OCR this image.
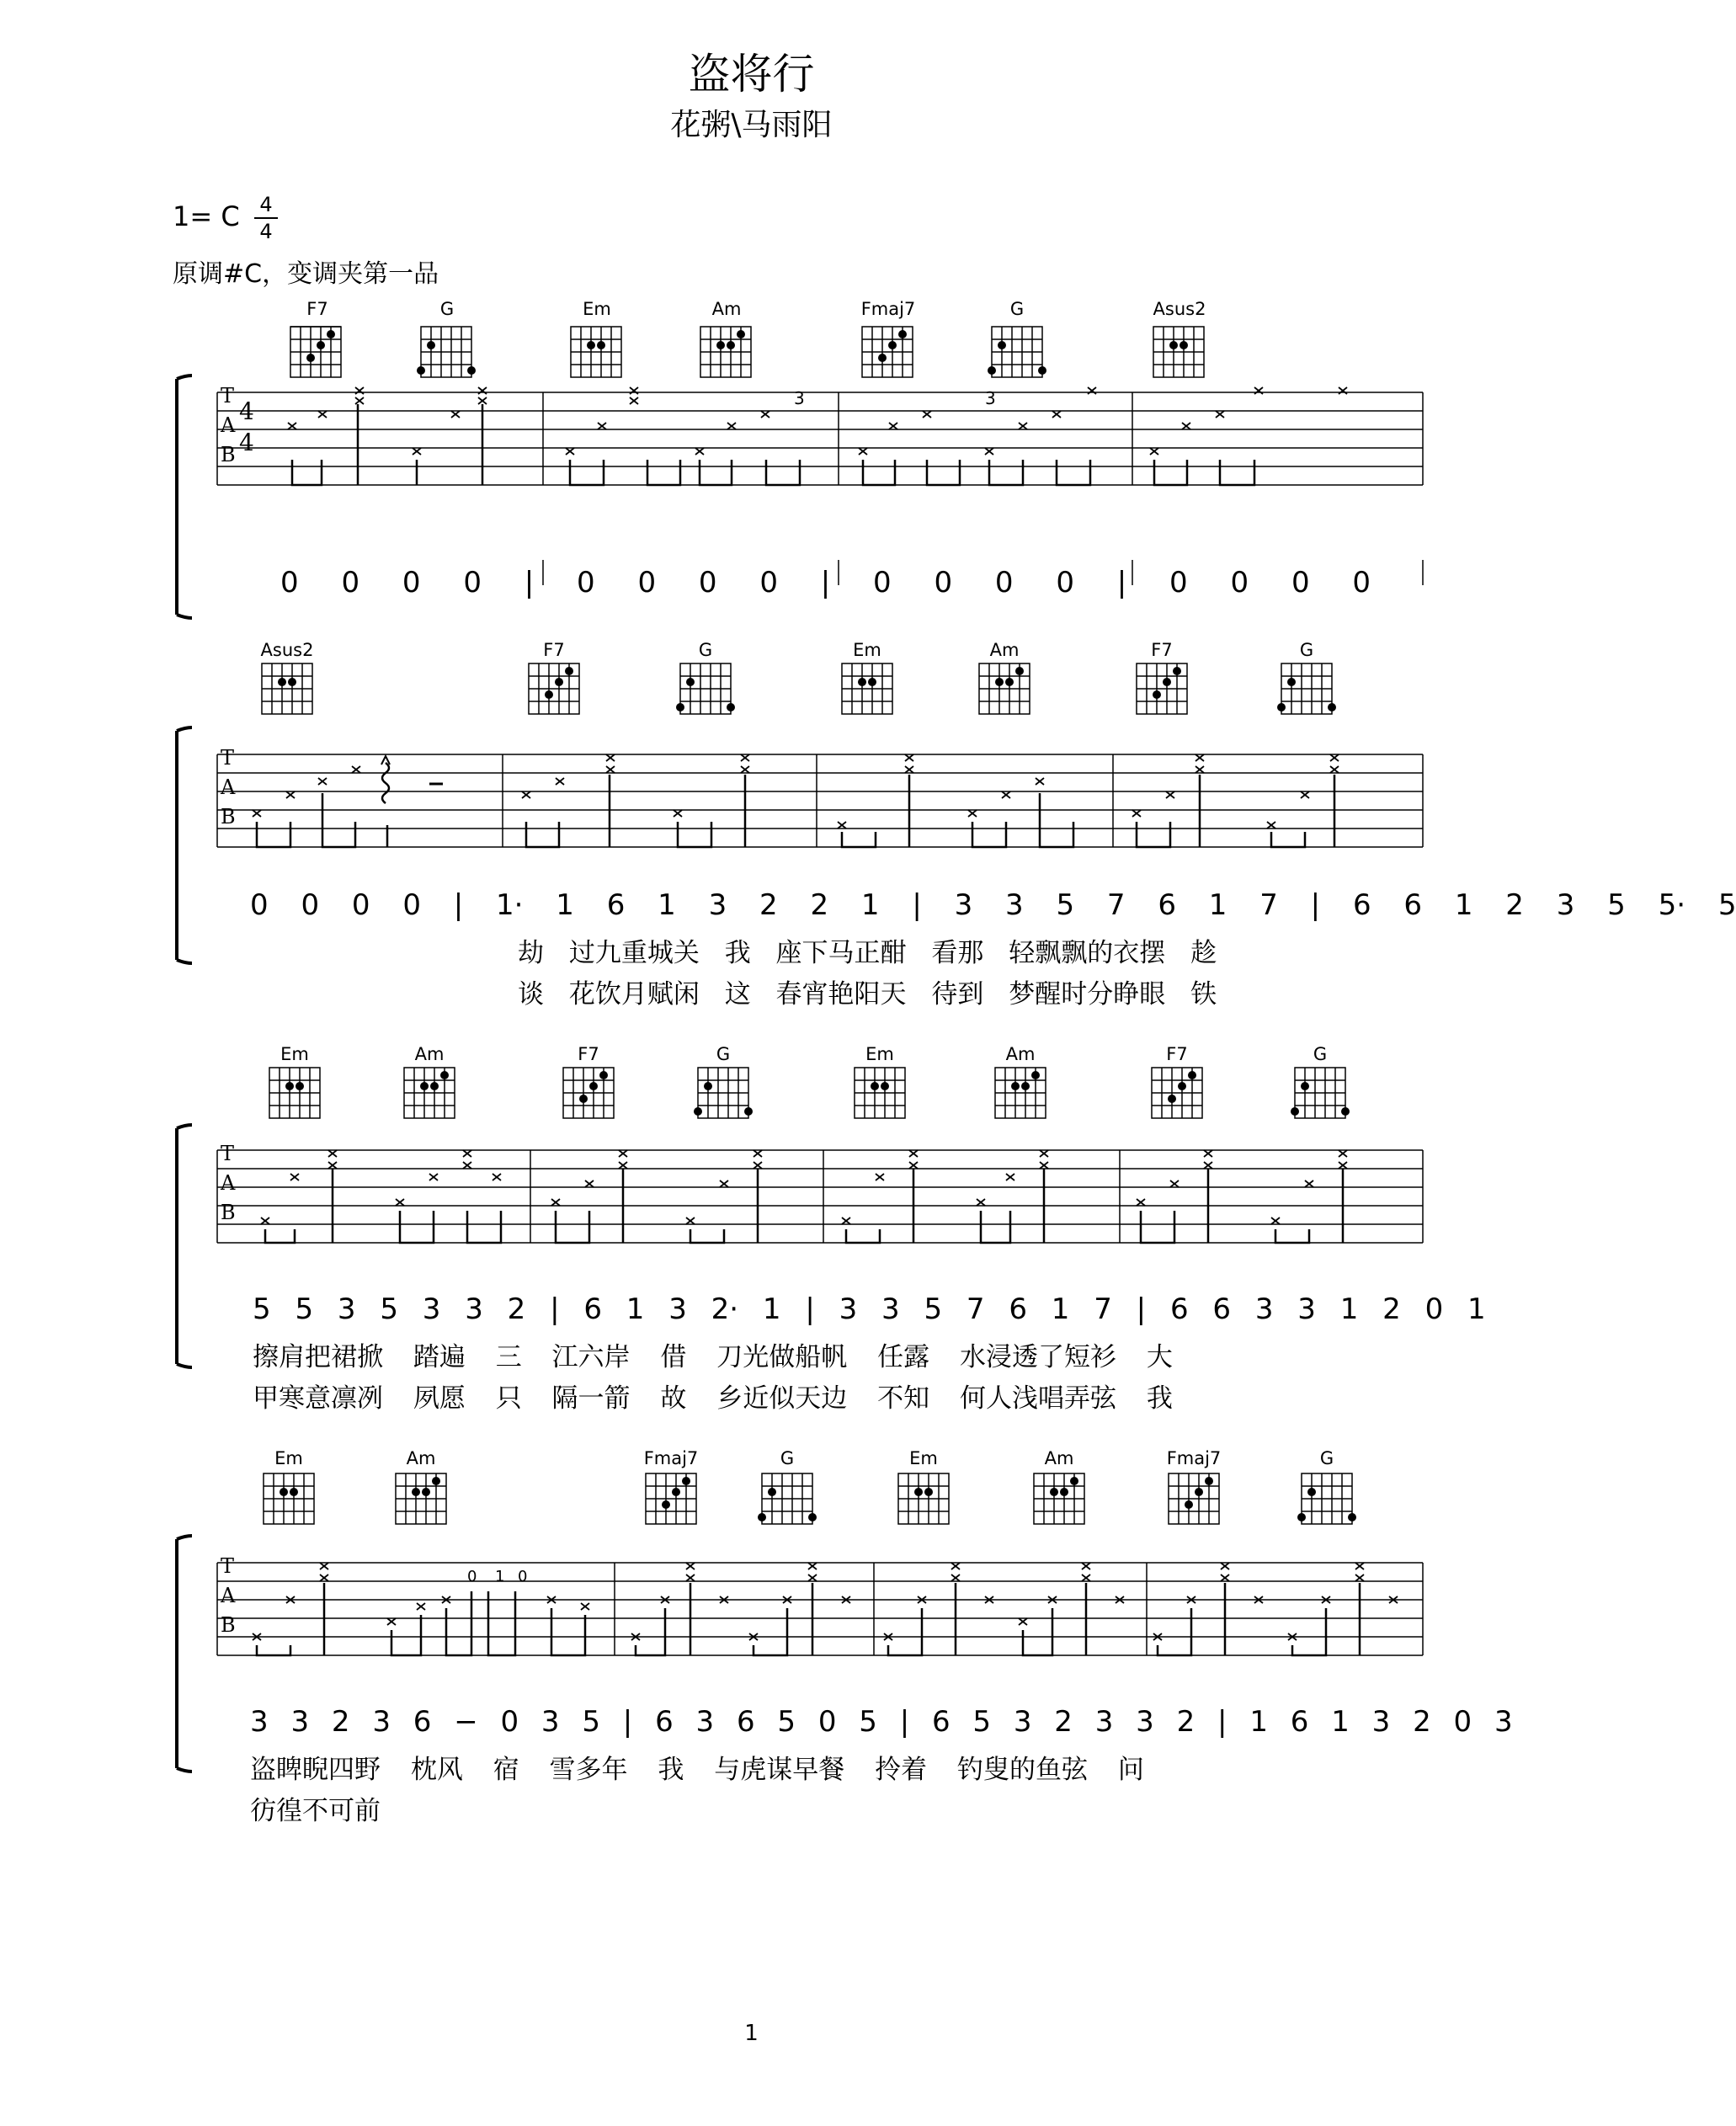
盗将行
花粥\马雨阳
1= C 4
4
原调#C，变调夹第一品
F7	G	Em	Am	Fmaj7	G	Asus2
T
A
B
4
4
3	3
0 0 0 0 | 0 0 0 0 | 0 0 0 0 | 0 0 0 0
Asus2	F7	G	Em	Am	F7	G
T
A
B
0 0 0 0 | 1· 1 6 1 3 2 2 1 | 3 3 5 7 6 1 7 | 6 6 1 2 3 5 5· 5
劫 过九重城关 我 座下马正酣 看那 轻飘飘的衣摆 趁
谈 花饮月赋闲 这 春宵艳阳天 待到 梦醒时分睁眼 铁
Em	Am	F7	G	Em	Am	F7	G
T
A
B
5 5 3 5 3 3 2 | 6 1 3 2· 1 | 3 3 5 7 6 1 7 | 6 6 3 3 1 2 0 1
擦肩把裙掀 踏遍 三 江六岸 借 刀光做船帆 任露 水浸透了短衫 大
甲寒意凛冽 夙愿 只 隔一箭 故 乡近似天边 不知 何人浅唱弄弦 我
Em	Am	Fmaj7	G	Em	Am	Fmaj7	G
T
A
B
0 1 0
3 3 2 3 6 − 0 3 5 | 6 3 6 5 0 5 | 6 5 3 2 3 3 2 | 1 6 1 3 2 0 3
盗睥睨四野 枕风 宿 雪多年 我 与虎谋早餐 拎着 钓叟的鱼弦 问
彷徨不可前
1
